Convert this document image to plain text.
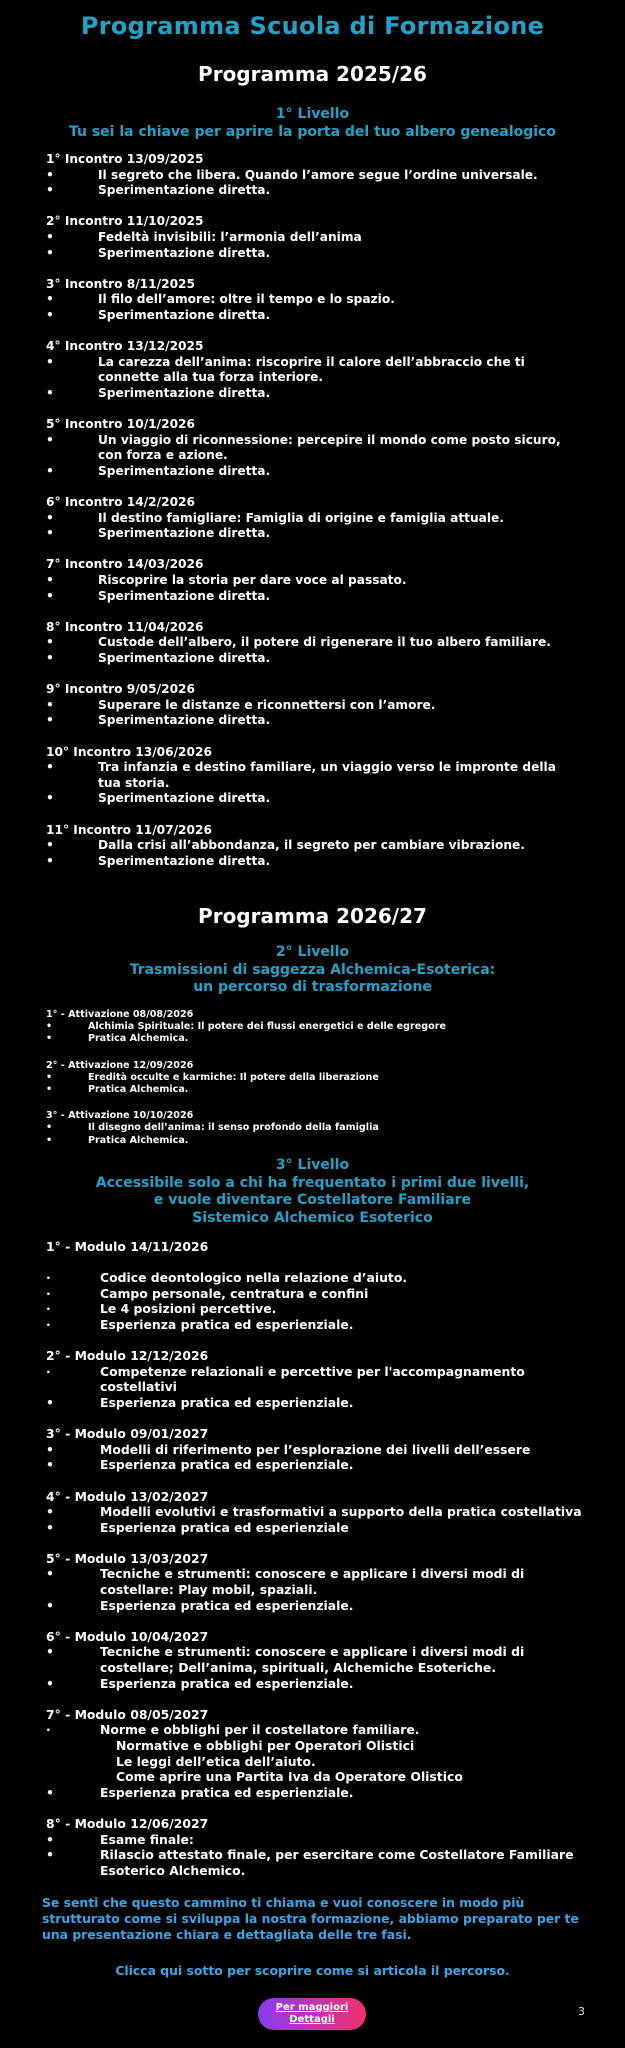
Programma Scuola di Formazione
Programma 2025/26
1° Livello
Tu sei la chiave per aprire la porta del tuo albero genealogico
1° Incontro 13/09/2025
•	Il segreto che libera. Quando l’amore segue l’ordine universale.
•	Sperimentazione diretta.
2° Incontro 11/10/2025
•	Fedeltà invisibili: l’armonia dell’anima
•	Sperimentazione diretta.
3° Incontro 8/11/2025
•	Il filo dell’amore: oltre il tempo e lo spazio.
•	Sperimentazione diretta.
4° Incontro 13/12/2025
•	La carezza dell’anima: riscoprire il calore dell’abbraccio che ti
connette alla tua forza interiore.
•	Sperimentazione diretta.
5° Incontro 10/1/2026
•	Un viaggio di riconnessione: percepire il mondo come posto sicuro,
con forza e azione.
•	Sperimentazione diretta.
6° Incontro 14/2/2026
•	Il destino famigliare: Famiglia di origine e famiglia attuale.
•	Sperimentazione diretta.
7° Incontro 14/03/2026
•	Riscoprire la storia per dare voce al passato.
•	Sperimentazione diretta.
8° Incontro 11/04/2026
•	Custode dell’albero, il potere di rigenerare il tuo albero familiare.
•	Sperimentazione diretta.
9° Incontro 9/05/2026
•	Superare le distanze e riconnettersi con l’amore.
•	Sperimentazione diretta.
10° Incontro 13/06/2026
•	Tra infanzia e destino familiare, un viaggio verso le impronte della
tua storia.
•	Sperimentazione diretta.
11° Incontro 11/07/2026
•	Dalla crisi all’abbondanza, il segreto per cambiare vibrazione.
•	Sperimentazione diretta.
Programma 2026/27
2° Livello
Trasmissioni di saggezza Alchemica-Esoterica:
un percorso di trasformazione
1° - Attivazione 08/08/2026
•	Alchimia Spirituale: Il potere dei flussi energetici e delle egregore
•	Pratica Alchemica.
2° - Attivazione 12/09/2026
•	Eredità occulte e karmiche: Il potere della liberazione
•	Pratica Alchemica.
3° - Attivazione 10/10/2026
•	Il disegno dell’anima: il senso profondo della famiglia
•	Pratica Alchemica.
3° Livello
Accessibile solo a chi ha frequentato i primi due livelli,
e vuole diventare Costellatore Familiare
Sistemico Alchemico Esoterico
1° - Modulo 14/11/2026
·	Codice deontologico nella relazione d’aiuto.
·	Campo personale, centratura e confini
·	Le 4 posizioni percettive.
·	Esperienza pratica ed esperienziale.
2° - Modulo 12/12/2026
·	Competenze relazionali e percettive per l'accompagnamento
costellativi
•	Esperienza pratica ed esperienziale.
3° - Modulo 09/01/2027
•	Modelli di riferimento per l’esplorazione dei livelli dell’essere
•	Esperienza pratica ed esperienziale.
4° - Modulo 13/02/2027
•	Modelli evolutivi e trasformativi a supporto della pratica costellativa
•	Esperienza pratica ed esperienziale
5° - Modulo 13/03/2027
•	Tecniche e strumenti: conoscere e applicare i diversi modi di
costellare: Play mobil, spaziali.
•	Esperienza pratica ed esperienziale.
6° - Modulo 10/04/2027
•	Tecniche e strumenti: conoscere e applicare i diversi modi di
costellare; Dell’anima, spirituali, Alchemiche Esoteriche.
•	Esperienza pratica ed esperienziale.
7° - Modulo 08/05/2027
·	Norme e obblighi per il costellatore familiare.
Normative e obblighi per Operatori Olistici
Le leggi dell’etica dell’aiuto.
Come aprire una Partita Iva da Operatore Olistico
•	Esperienza pratica ed esperienziale.
8° - Modulo 12/06/2027
•	Esame finale:
•	Rilascio attestato finale, per esercitare come Costellatore Familiare
Esoterico Alchemico.
Se senti che questo cammino ti chiama e vuoi conoscere in modo più
strutturato come si sviluppa la nostra formazione, abbiamo preparato per te
una presentazione chiara e dettagliata delle tre fasi.
Clicca qui sotto per scoprire come si articola il percorso.
Per maggiori
Dettagli
3
